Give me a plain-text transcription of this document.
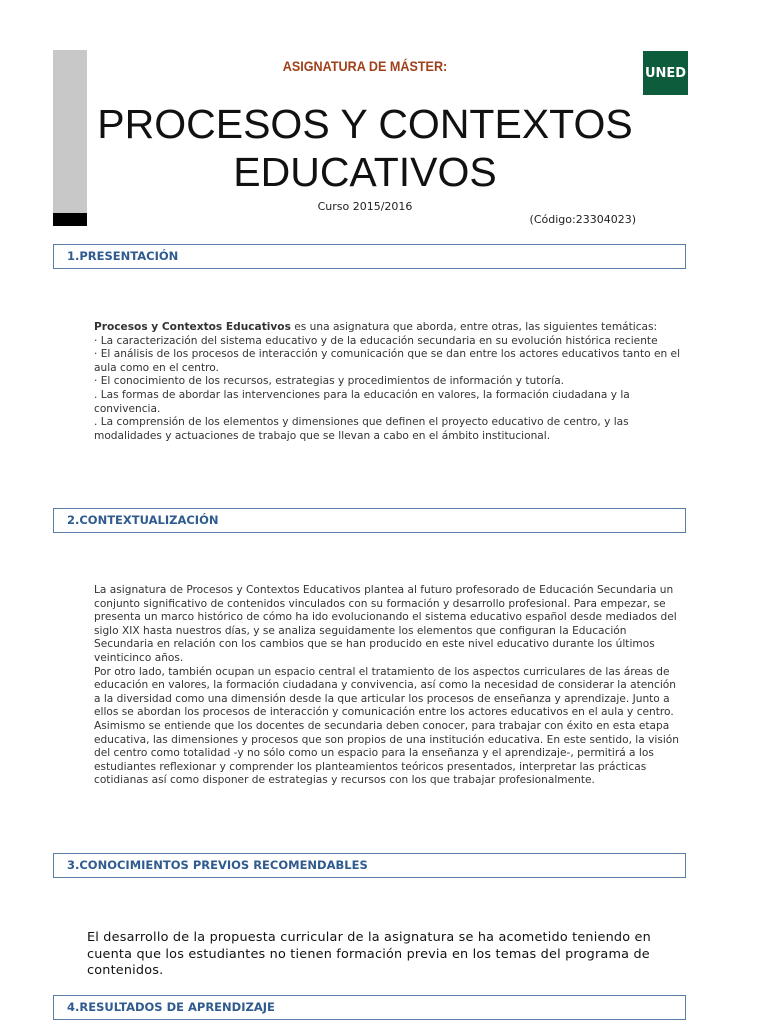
UNED
ASIGNATURA DE MÁSTER:
PROCESOS Y CONTEXTOS
EDUCATIVOS
Curso 2015/2016
(Código:23304023)
1.PRESENTACIÓN

Procesos y Contextos Educativos es una asignatura que aborda, entre otras, las siguientes temáticas:

· La caracterización del sistema educativo y de la educación secundaria en su evolución histórica reciente

· El análisis de los procesos de interacción y comunicación que se dan entre los actores educativos tanto en el aula como en el centro.

· El conocimiento de los recursos, estrategias y procedimientos de información y tutoría.

. Las formas de abordar las intervenciones para la educación en valores, la formación ciudadana y la convivencia.

. La comprensión de los elementos y dimensiones que definen el proyecto educativo de centro, y las modalidades y actuaciones de trabajo que se llevan a cabo en el ámbito institucional.

2.CONTEXTUALIZACIÓN

La asignatura de Procesos y Contextos Educativos plantea al futuro profesorado de Educación Secundaria un conjunto significativo de contenidos vinculados con su formación y desarrollo profesional. Para empezar, se presenta un marco histórico de cómo ha ido evolucionando el sistema educativo español desde mediados del siglo XIX hasta nuestros días, y se analiza seguidamente los elementos que configuran la Educación Secundaria en relación con los cambios que se han producido en este nivel educativo durante los últimos veinticinco años.

Por otro lado, también ocupan un espacio central el tratamiento de los aspectos curriculares de las áreas de educación en valores, la formación ciudadana y convivencia, así como la necesidad de considerar la atención a la diversidad como una dimensión desde la que articular los procesos de enseñanza y aprendizaje. Junto a ellos se abordan los procesos de interacción y comunicación entre los actores educativos en el aula y centro.

Asimismo se entiende que los docentes de secundaria deben conocer, para trabajar con éxito en esta etapa educativa, las dimensiones y procesos que son propios de una institución educativa. En este sentido, la visión del centro como totalidad -y no sólo como un espacio para la enseñanza y el aprendizaje-, permitirá a los estudiantes reflexionar y comprender los planteamientos teóricos presentados, interpretar las prácticas cotidianas así como disponer de estrategias y recursos con los que trabajar profesionalmente.

3.CONOCIMIENTOS PREVIOS RECOMENDABLES
El desarrollo de la propuesta curricular de la asignatura se ha acometido teniendo en cuenta que los estudiantes no tienen formación previa en los temas del programa de contenidos.
4.RESULTADOS DE APRENDIZAJE
